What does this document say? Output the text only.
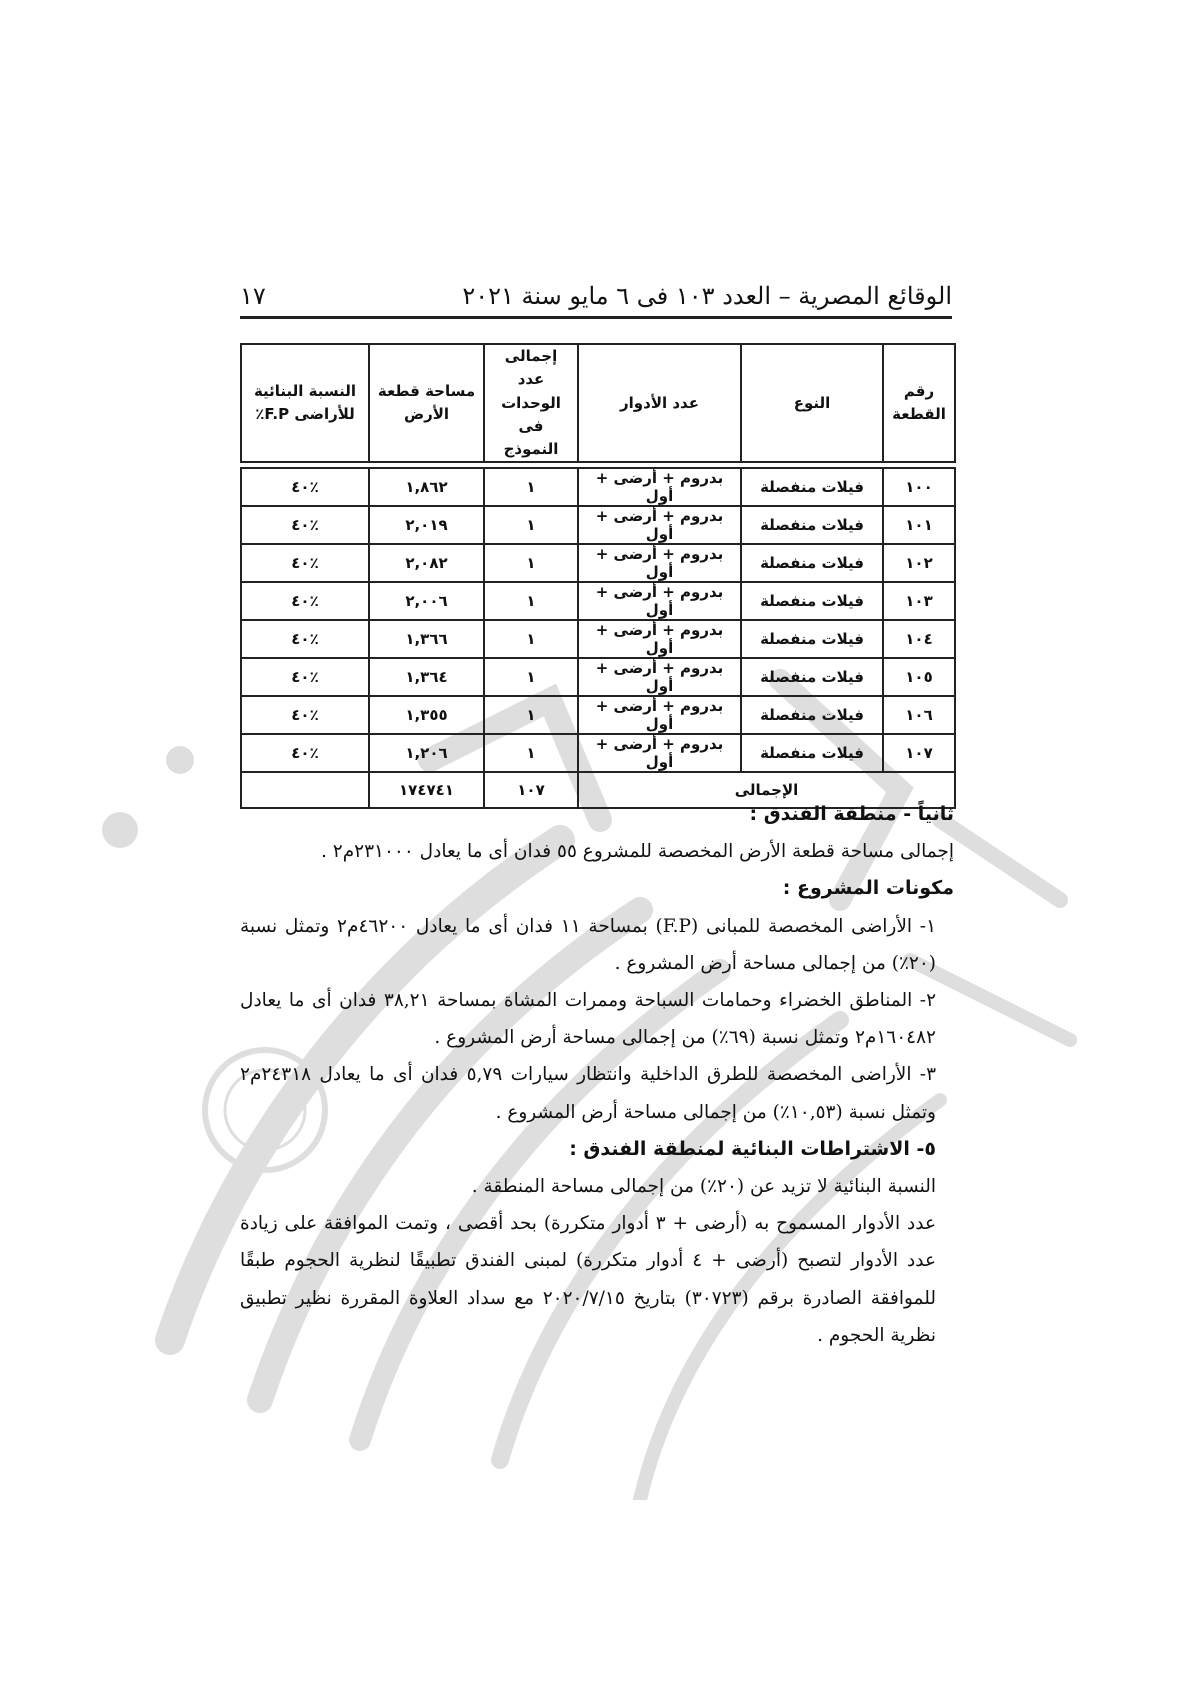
الوقائع المصرية – العدد ١٠٣ فى ٦ مايو سنة ٢٠٢١
١٧
رقم القطعة	النوع	عدد الأدوار	إجمالى عدد الوحدات فى النموذج	مساحة قطعة الأرض	النسبة البنائية للأراضى F.P٪

١٠٠	فيلات منفصلة	بدروم + أرضى + أول	١	١,٨٦٢	٪٤٠
١٠١	فيلات منفصلة	بدروم + أرضى + أول	١	٢,٠١٩	٪٤٠
١٠٢	فيلات منفصلة	بدروم + أرضى + أول	١	٢,٠٨٢	٪٤٠
١٠٣	فيلات منفصلة	بدروم + أرضى + أول	١	٢,٠٠٦	٪٤٠
١٠٤	فيلات منفصلة	بدروم + أرضى + أول	١	١,٣٦٦	٪٤٠
١٠٥	فيلات منفصلة	بدروم + أرضى + أول	١	١,٣٦٤	٪٤٠
١٠٦	فيلات منفصلة	بدروم + أرضى + أول	١	١,٣٥٥	٪٤٠
١٠٧	فيلات منفصلة	بدروم + أرضى + أول	١	١,٢٠٦	٪٤٠
الإجمالى			١٠٧	١٧٤٧٤١	

ثانياً - منطقة الفندق :

إجمالى مساحة قطعة الأرض المخصصة للمشروع ٥٥ فدان أى ما يعادل ٢٣١٠٠٠م٢ .

مكونات المشروع :

١- الأراضى المخصصة للمبانى (F.P) بمساحة ١١ فدان أى ما يعادل ٤٦٢٠٠م٢ وتمثل نسبة (٢٠٪) من إجمالى مساحة أرض المشروع .

٢- المناطق الخضراء وحمامات السباحة وممرات المشاة بمساحة ٣٨,٢١ فدان أى ما يعادل ١٦٠٤٨٢م٢ وتمثل نسبة (٦٩٪) من إجمالى مساحة أرض المشروع .

٣- الأراضى المخصصة للطرق الداخلية وانتظار سيارات ٥,٧٩ فدان أى ما يعادل ٢٤٣١٨م٢ وتمثل نسبة (١٠,٥٣٪) من إجمالى مساحة أرض المشروع .

٥- الاشتراطات البنائية لمنطقة الفندق :

النسبة البنائية لا تزيد عن (٢٠٪) من إجمالى مساحة المنطقة .

عدد الأدوار المسموح به (أرضى + ٣ أدوار متكررة) بحد أقصى ، وتمت الموافقة على زيادة عدد الأدوار لتصبح (أرضى + ٤ أدوار متكررة) لمبنى الفندق تطبيقًا لنظرية الحجوم طبقًا للموافقة الصادرة برقم (٣٠٧٢٣) بتاريخ ٢٠٢٠/٧/١٥ مع سداد العلاوة المقررة نظير تطبيق نظرية الحجوم .
